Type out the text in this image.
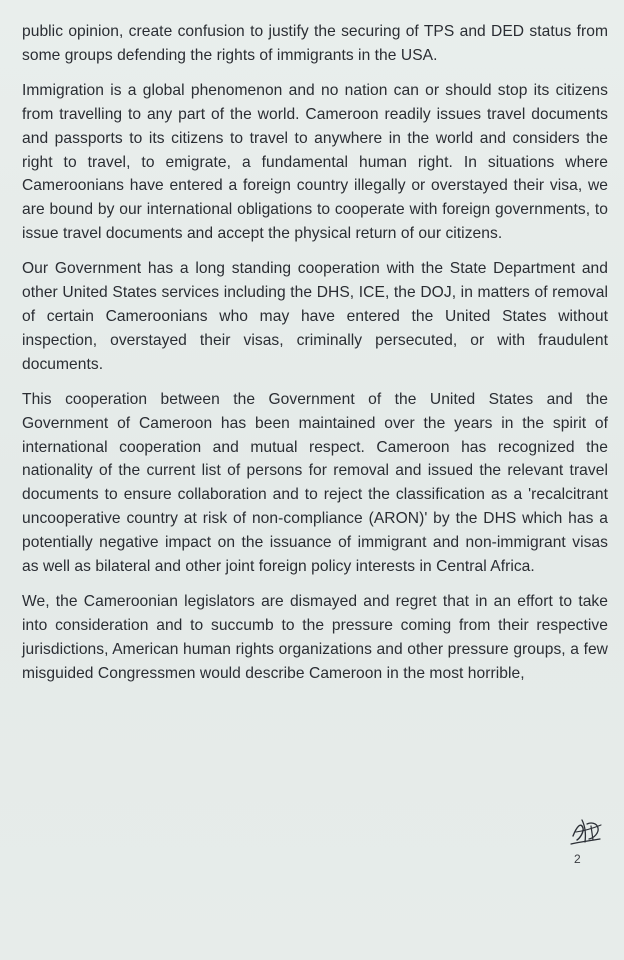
public opinion, create confusion to justify the securing of TPS and DED status from some groups defending the rights of immigrants in the USA.

Immigration is a global phenomenon and no nation can or should stop its citizens from travelling to any part of the world. Cameroon readily issues travel documents and passports to its citizens to travel to anywhere in the world and considers the right to travel, to emigrate, a fundamental human right. In situations where Cameroonians have entered a foreign country illegally or overstayed their visa, we are bound by our international obligations to cooperate with foreign governments, to issue travel documents and accept the physical return of our citizens.

Our Government has a long standing cooperation with the State Department and other United States services including the DHS, ICE, the DOJ, in matters of removal of certain Cameroonians who may have entered the United States without inspection, overstayed their visas, criminally persecuted, or with fraudulent documents.

This cooperation between the Government of the United States and the Government of Cameroon has been maintained over the years in the spirit of international cooperation and mutual respect. Cameroon has recognized the nationality of the current list of persons for removal and issued the relevant travel documents to ensure collaboration and to reject the classification as a 'recalcitrant uncooperative country at risk of non-compliance (ARON)' by the DHS which has a potentially negative impact on the issuance of immigrant and non-immigrant visas as well as bilateral and other joint foreign policy interests in Central Africa.

We, the Cameroonian legislators are dismayed and regret that in an effort to take into consideration and to succumb to the pressure coming from their respective jurisdictions, American human rights organizations and other pressure groups, a few misguided Congressmen would describe Cameroon in the most horrible,

2
